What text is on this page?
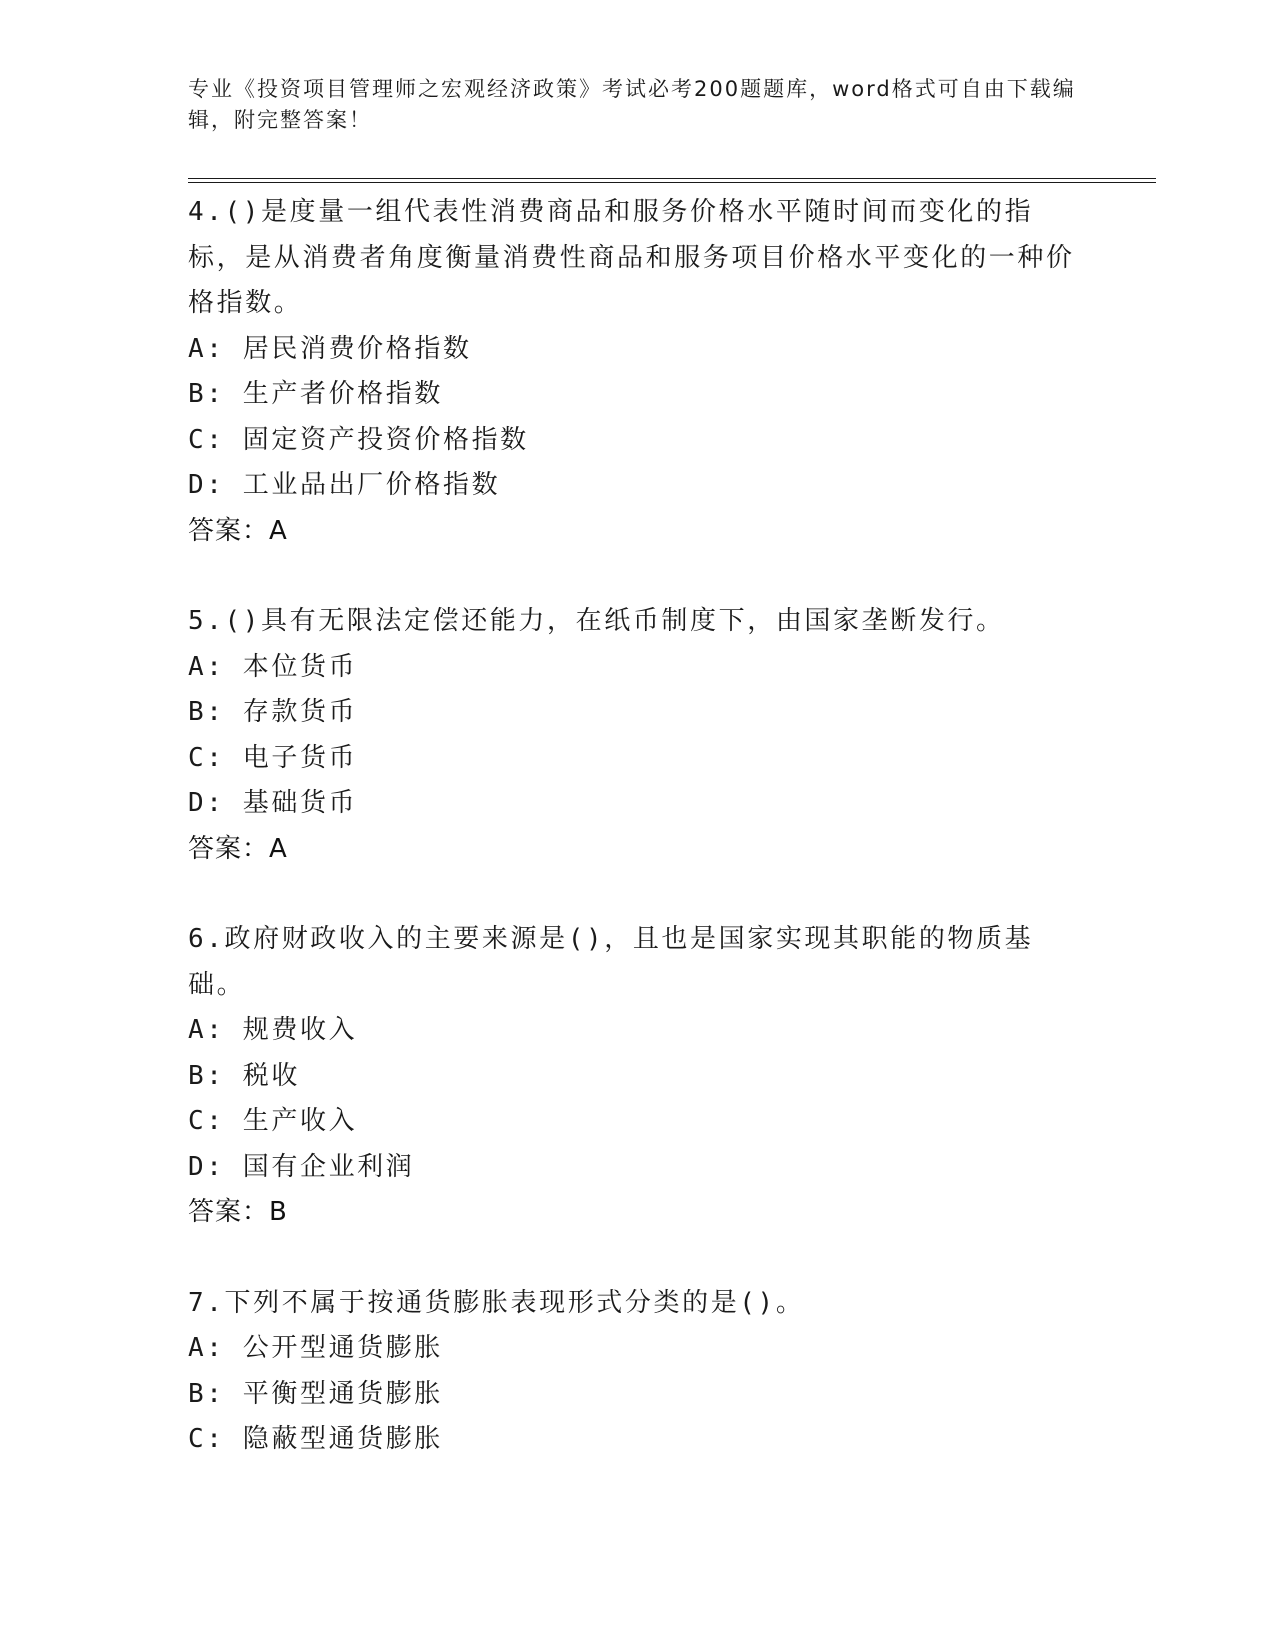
专业《投资项目管理师之宏观经济政策》考试必考200题题库，word格式可自由下载编辑，附完整答案！

4.()是度量一组代表性消费商品和服务价格水平随时间而变化的指标，是从消费者角度衡量消费性商品和服务项目价格水平变化的一种价格指数。

A: 居民消费价格指数

B: 生产者价格指数

C: 固定资产投资价格指数

D: 工业品出厂价格指数

答案：A

5.()具有无限法定偿还能力，在纸币制度下，由国家垄断发行。

A: 本位货币

B: 存款货币

C: 电子货币

D: 基础货币

答案：A

6.政府财政收入的主要来源是()，且也是国家实现其职能的物质基础。

A: 规费收入

B: 税收

C: 生产收入

D: 国有企业利润

答案：B

7.下列不属于按通货膨胀表现形式分类的是()。

A: 公开型通货膨胀

B: 平衡型通货膨胀

C: 隐蔽型通货膨胀
